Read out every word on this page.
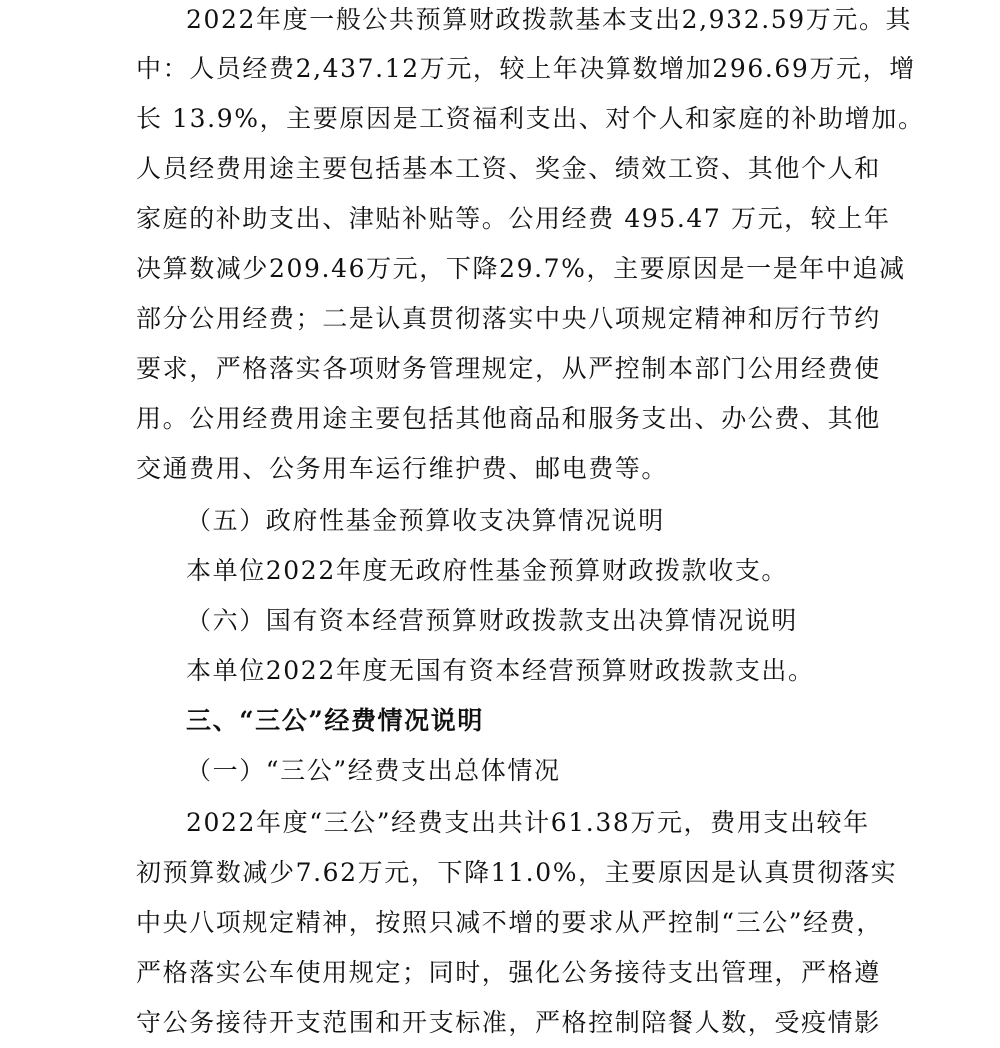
2022年度一般公共预算财政拨款基本支出2,932.59万元。其
中：人员经费2,437.12万元，较上年决算数增加296.69万元，增
长 13.9%，主要原因是工资福利支出、对个人和家庭的补助增加。
人员经费用途主要包括基本工资、奖金、绩效工资、其他个人和
家庭的补助支出、津贴补贴等。公用经费 495.47 万元，较上年
决算数减少209.46万元，下降29.7%，主要原因是一是年中追减
部分公用经费；二是认真贯彻落实中央八项规定精神和厉行节约
要求，严格落实各项财务管理规定，从严控制本部门公用经费使
用。公用经费用途主要包括其他商品和服务支出、办公费、其他
交通费用、公务用车运行维护费、邮电费等。
（五）政府性基金预算收支决算情况说明
本单位2022年度无政府性基金预算财政拨款收支。
（六）国有资本经营预算财政拨款支出决算情况说明
本单位2022年度无国有资本经营预算财政拨款支出。
三、“三公”经费情况说明
（一）“三公”经费支出总体情况
2022年度“三公”经费支出共计61.38万元，费用支出较年
初预算数减少7.62万元，下降11.0%，主要原因是认真贯彻落实
中央八项规定精神，按照只减不增的要求从严控制“三公”经费，
严格落实公车使用规定；同时，强化公务接待支出管理，严格遵
守公务接待开支范围和开支标准，严格控制陪餐人数，受疫情影
